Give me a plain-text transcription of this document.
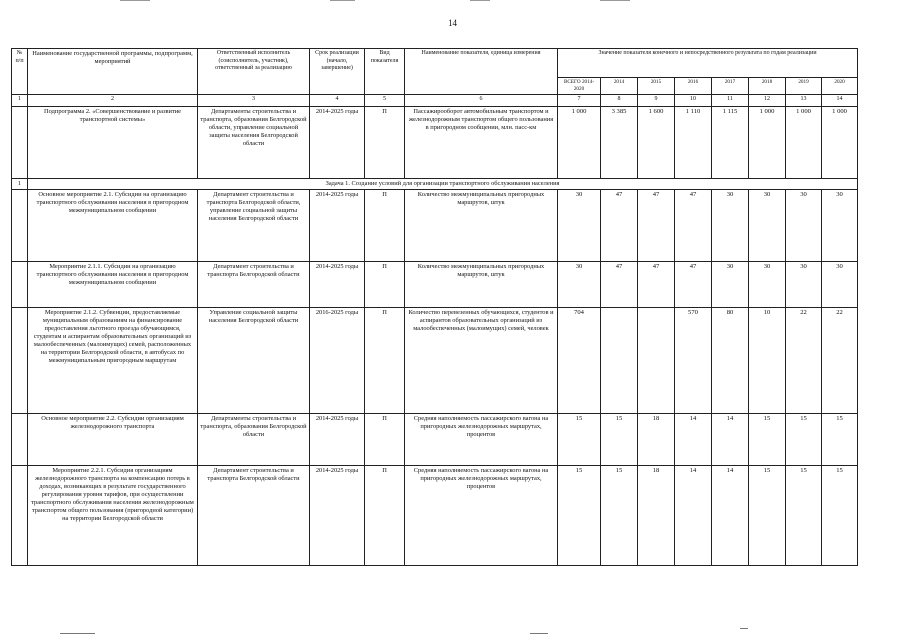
14
№ п/п	Наименование государственной программы, подпрограмм, мероприятий	Ответственный исполнитель (соисполнитель, участник), ответственный за реализацию	Срок реализации (начало, завершение)	Вид показателя	Наименование показателя, единица измерения	Значение показателя конечного и непосредственного результата по годам реализации							
						ВСЕГО 2014-2020	2014	2015	2016	2017	2018	2019	2020
1	2	3	4	5	6	7	8	9	10	11	12	13	14
	Подпрограмма 2. «Совершенствование и развитие транспортной системы»	Департаменты строительства и транспорта, образования Белгородской области, управление социальной защиты населения Белгородской области	2014-2025 годы	П	Пассажирооборот автомобильным транспортом и железнодорожным транспортом общего пользования в пригородном сообщении, млн. пасс-км	1 000	3 385	1 600	1 110	1 115	1 000	1 000	1 000
1	Задача 1. Создание условий для организации транспортного обслуживания населения												
	Основное мероприятие 2.1. Субсидии на организацию транспортного обслуживания населения в пригородном межмуниципальном сообщении	Департамент строительства и транспорта Белгородской области, управление социальной защиты населения Белгородской области	2014-2025 годы	П	Количество межмуниципальных пригородных маршрутов, штук	30	47	47	47	30	30	30	30
	Мероприятие 2.1.1. Субсидии на организацию транспортного обслуживания населения в пригородном межмуниципальном сообщении	Департамент строительства и транспорта Белгородской области	2014-2025 годы	П	Количество межмуниципальных пригородных маршрутов, штук	30	47	47	47	30	30	30	30
	Мероприятие 2.1.2. Субвенции, предоставляемые муниципальным образованиям на финансирование предоставления льготного проезда обучающимся, студентам и аспирантам образовательных организаций из малообеспеченных (малоимущих) семей, расположенных на территории Белгородской области, в автобусах по межмуниципальным пригородным маршрутам	Управление социальной защиты населения Белгородской области	2016-2025 годы	П	Количество перевезенных обучающихся, студентов и аспирантов образовательных организаций из малообеспеченных (малоимущих) семей, человек	704			570	80	10	22	22
	Основное мероприятие 2.2. Субсидии организациям железнодорожного транспорта	Департаменты строительства и транспорта, образования Белгородской области	2014-2025 годы	П	Средняя наполняемость пассажирского вагона на пригородных железнодорожных маршрутах, процентов	15	15	18	14	14	15	15	15
	Мероприятие 2.2.1. Субсидия организациям железнодорожного транспорта на компенсацию потерь в доходах, возникающих в результате государственного регулирования уровня тарифов, при осуществлении транспортного обслуживания населения железнодорожным транспортом общего пользования (пригородной категории) на территории Белгородской области	Департамент строительства и транспорта Белгородской области	2014-2025 годы	П	Средняя наполняемость пассажирского вагона на пригородных железнодорожных маршрутах, процентов	15	15	18	14	14	15	15	15
